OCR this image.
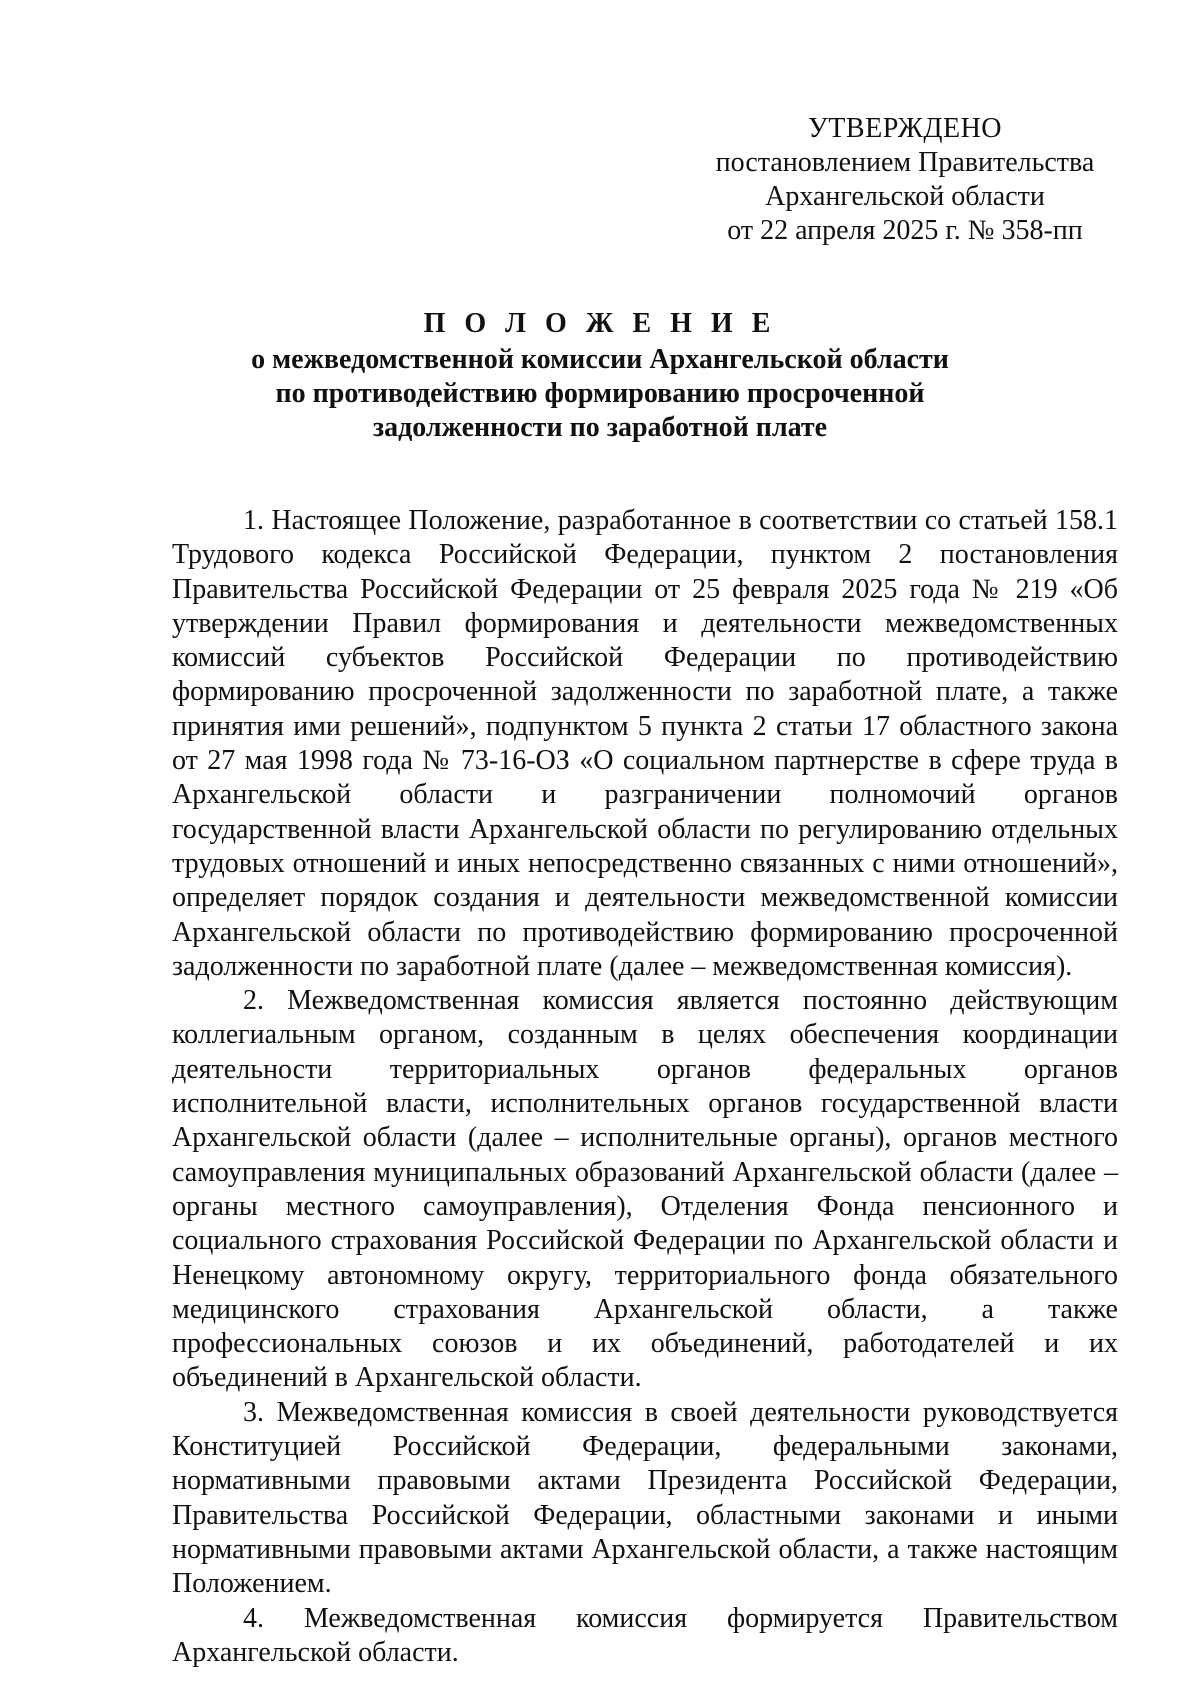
УТВЕРЖДЕНО
постановлением Правительства
Архангельской области
от 22 апреля 2025 г. № 358-пп
П О Л О Ж Е Н И Е
о межведомственной комиссии Архангельской области
по противодействию формированию просроченной
задолженности по заработной плате

1. Настоящее Положение, разработанное в соответствии со статьей 158.1 Трудового кодекса Российской Федерации, пунктом 2 постановления Правительства Российской Федерации от 25 февраля 2025 года № 219 «Об утверждении Правил формирования и деятельности межведомственных комиссий субъектов Российской Федерации по противодействию формированию просроченной задолженности по заработной плате, а также принятия ими решений», подпунктом 5 пункта 2 статьи 17 областного закона от 27 мая 1998 года № 73-16-ОЗ «О социальном партнерстве в сфере труда в Архангельской области и разграничении полномочий органов государственной власти Архангельской области по регулированию отдельных трудовых отношений и иных непосредственно связанных с ними отношений», определяет порядок создания и деятельности межведомственной комиссии Архангельской области по противодействию формированию просроченной задолженности по заработной плате (далее – межведомственная комиссия).

2. Межведомственная комиссия является постоянно действующим коллегиальным органом, созданным в целях обеспечения координации деятельности территориальных органов федеральных органов исполнительной власти, исполнительных органов государственной власти Архангельской области (далее – исполнительные органы), органов местного самоуправления муниципальных образований Архангельской области (далее – органы местного самоуправления), Отделения Фонда пенсионного и социального страхования Российской Федерации по Архангельской области и Ненецкому автономному округу, территориального фонда обязательного медицинского страхования Архангельской области, а также профессиональных союзов и их объединений, работодателей и их объединений в Архангельской области.

3. Межведомственная комиссия в своей деятельности руководствуется Конституцией Российской Федерации, федеральными законами, нормативными правовыми актами Президента Российской Федерации, Правительства Российской Федерации, областными законами и иными нормативными правовыми актами Архангельской области, а также настоящим Положением.

4. Межведомственная комиссия формируется Правительством Архангельской области.
